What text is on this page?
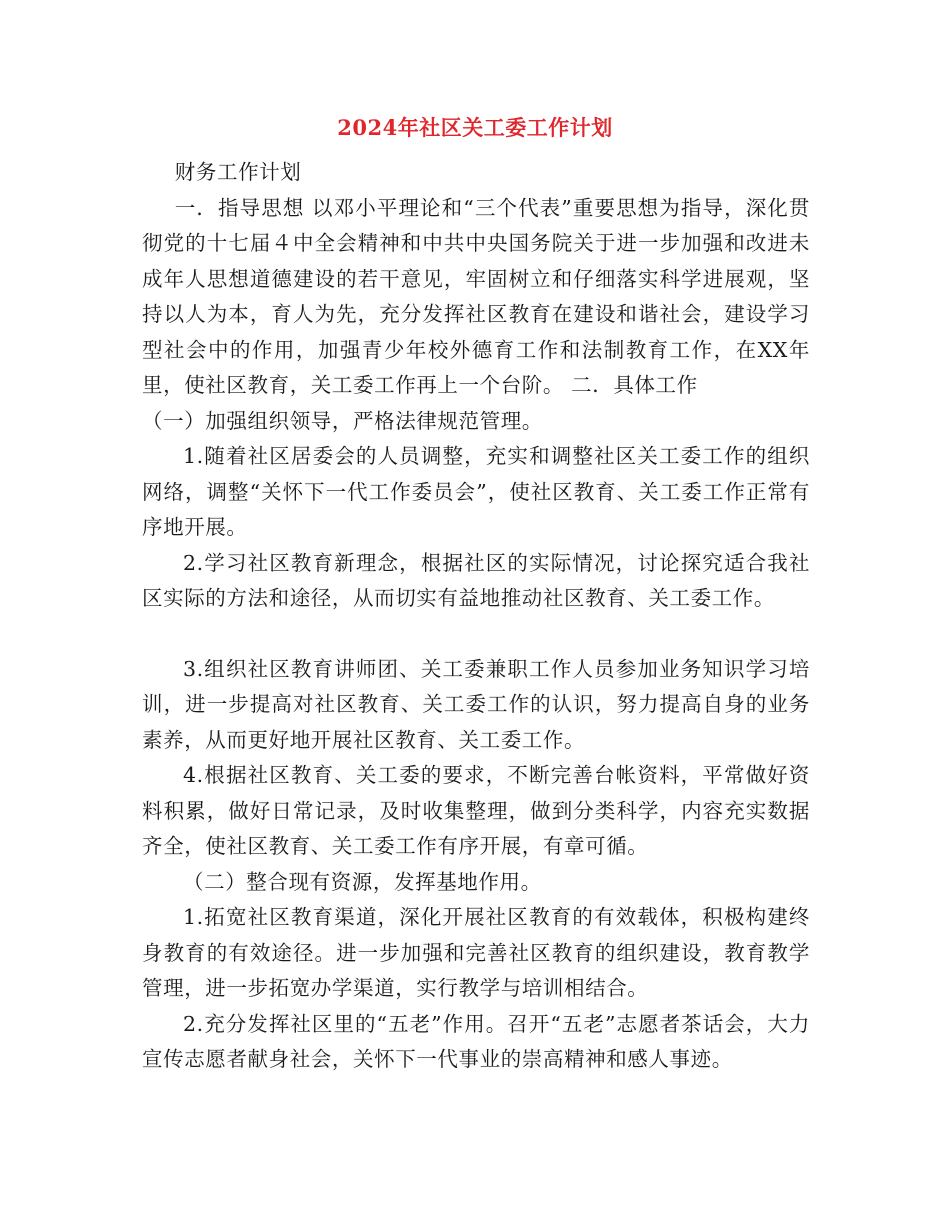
2024年社区关工委工作计划

财务工作计划

一．指导思想 以邓小平理论和“三个代表”重要思想为指导，深化贯彻党的十七届４中全会精神和中共中央国务院关于进一步加强和改进未成年人思想道德建设的若干意见，牢固树立和仔细落实科学进展观，坚持以人为本，育人为先，充分发挥社区教育在建设和谐社会，建设学习型社会中的作用，加强青少年校外德育工作和法制教育工作，在XX年里，使社区教育，关工委工作再上一个台阶。 二．具体工作

（一）加强组织领导，严格法律规范管理。

1.随着社区居委会的人员调整，充实和调整社区关工委工作的组织网络，调整“关怀下一代工作委员会”，使社区教育、关工委工作正常有序地开展。

2.学习社区教育新理念，根据社区的实际情况，讨论探究适合我社区实际的方法和途径，从而切实有益地推动社区教育、关工委工作。

3.组织社区教育讲师团、关工委兼职工作人员参加业务知识学习培训，进一步提高对社区教育、关工委工作的认识，努力提高自身的业务素养，从而更好地开展社区教育、关工委工作。

4.根据社区教育、关工委的要求，不断完善台帐资料，平常做好资料积累，做好日常记录，及时收集整理，做到分类科学，内容充实数据齐全，使社区教育、关工委工作有序开展，有章可循。

（二）整合现有资源，发挥基地作用。

1.拓宽社区教育渠道，深化开展社区教育的有效载体，积极构建终身教育的有效途径。进一步加强和完善社区教育的组织建设，教育教学管理，进一步拓宽办学渠道，实行教学与培训相结合。

2.充分发挥社区里的“五老”作用。召开“五老”志愿者茶话会，大力宣传志愿者献身社会，关怀下一代事业的崇高精神和感人事迹。
